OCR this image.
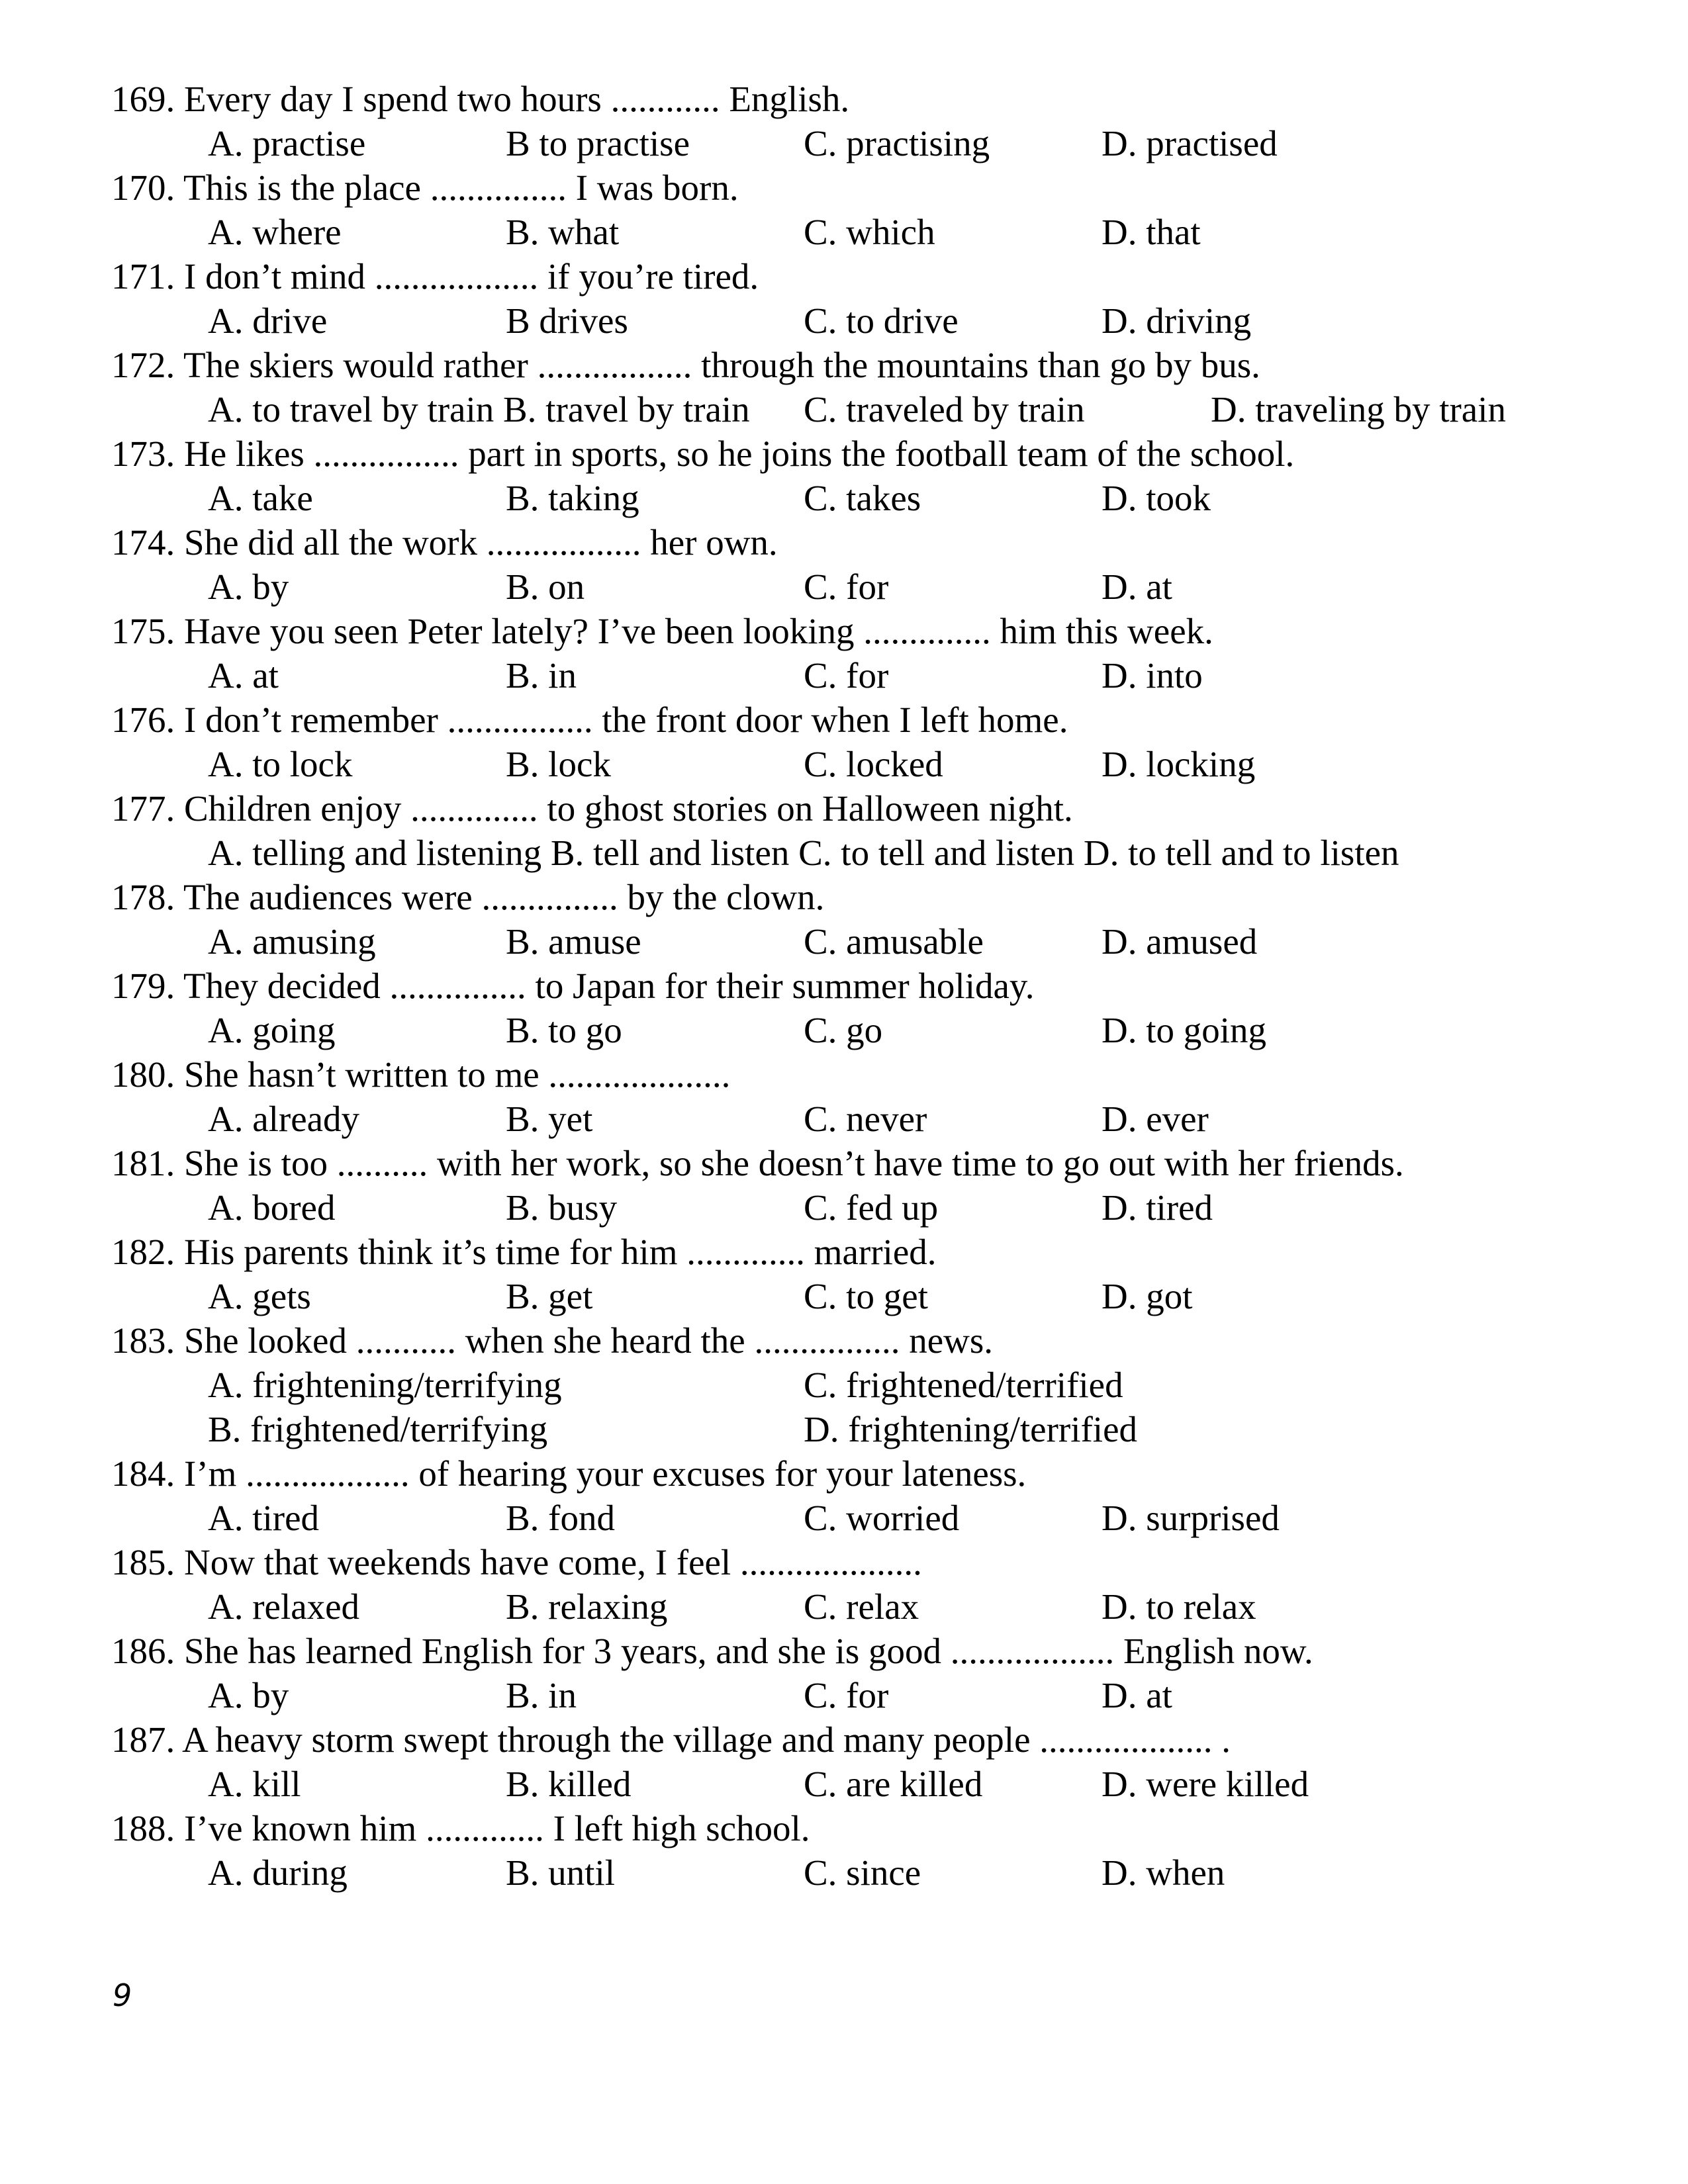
169. Every day I spend two hours ............ English.
A. practise	B to practise	C. practising	D. practised
170. This is the place ............... I was born.
A. where	B. what	C. which	D. that
171. I don’t mind .................. if you’re tired.
A. drive	B drives	C. to drive	D. driving
172. The skiers would rather ................. through the mountains than go by bus.
A. to travel by train B. travel by train C. traveled by train	D. traveling by train
173. He likes ................ part in sports, so he joins the football team of the school.
A. take	B. taking	C. takes	D. took
174. She did all the work ................. her own.
A. by	B. on	C. for	D. at
175. Have you seen Peter lately? I’ve been looking .............. him this week.
A. at	B. in	C. for	D. into
176. I don’t remember ................ the front door when I left home.
A. to lock	B. lock	C. locked	D. locking
177. Children enjoy .............. to ghost stories on Halloween night.
A. telling and listening B. tell and listen C. to tell and listen D. to tell and to listen
178. The audiences were ............... by the clown.
A. amusing	B. amuse	C. amusable	D. amused
179. They decided ............... to Japan for their summer holiday.
A. going	B. to go	C. go	D. to going
180. She hasn’t written to me ....................
A. already	B. yet	C. never	D. ever
181. She is too .......... with her work, so she doesn’t have time to go out with her friends.
A. bored	B. busy	C. fed up	D. tired
182. His parents think it’s time for him ............. married.
A. gets	B. get	C. to get	D. got
183. She looked ........... when she heard the ................ news.
A. frightening/terrifying	C. frightened/terrified
B. frightened/terrifying	D. frightening/terrified
184. I’m .................. of hearing your excuses for your lateness.
A. tired	B. fond	C. worried	D. surprised
185. Now that weekends have come, I feel ....................
A. relaxed	B. relaxing	C. relax	D. to relax
186. She has learned English for 3 years, and she is good .................. English now.
A. by	B. in	C. for	D. at
187. A heavy storm swept through the village and many people ................... .
A. kill	B. killed	C. are killed	D. were killed
188. I’ve known him ............. I left high school.
A. during	B. until	C. since	D. when
9
